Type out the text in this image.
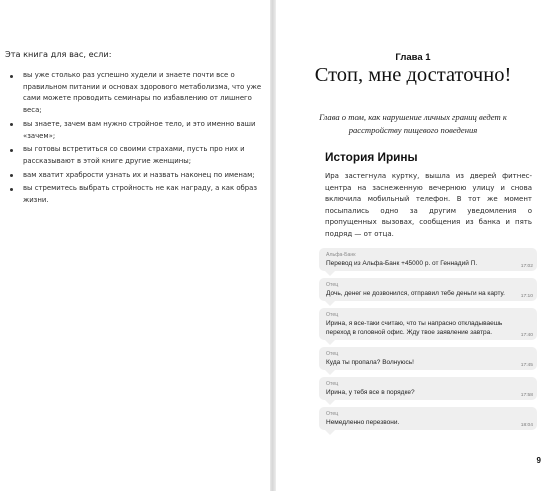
Эта книга для вас, если:
вы уже столько раз успешно худели и знаете почти все о правильном питании и основах здорового метаболизма, что уже сами можете проводить семинары по избавлению от лишнего веса;
вы знаете, зачем вам нужно стройное тело, и это именно ваши «зачем»;
вы готовы встретиться со своими страхами, пусть про них и рассказывают в этой книге другие женщины;
вам хватит храбрости узнать их и назвать наконец по именам;
вы стремитесь выбрать стройность не как награду, а как образ жизни.
Глава 1
Стоп, мне достаточно!
Глава о том, как нарушение личных границ ведет к расстройству пищевого поведения
История Ирины
Ира застегнула куртку, вышла из дверей фитнес-центра на заснеженную вечернюю улицу и снова включила мобильный телефон. В тот же момент посыпались одно за другим уведомления о пропущенных вызовах, сообщения из банка и пять подряд — от отца.
Альфа-Банк
Перевод из Альфа-Банк +45000 р. от Геннадий П.	17:02
Отец
Дочь, денег не дозвонился, отправил тебе деньги на карту.	17:10
Отец
Ирина, я все-таки считаю, что ты напрасно откладываешь переход в головной офис. Жду твое заявление завтра.	17:40
Отец
Куда ты пропала? Волнуюсь!	17:45
Отец
Ирина, у тебя все в порядке?	17:58
Отец
Немедленно перезвони.	18:04
9
